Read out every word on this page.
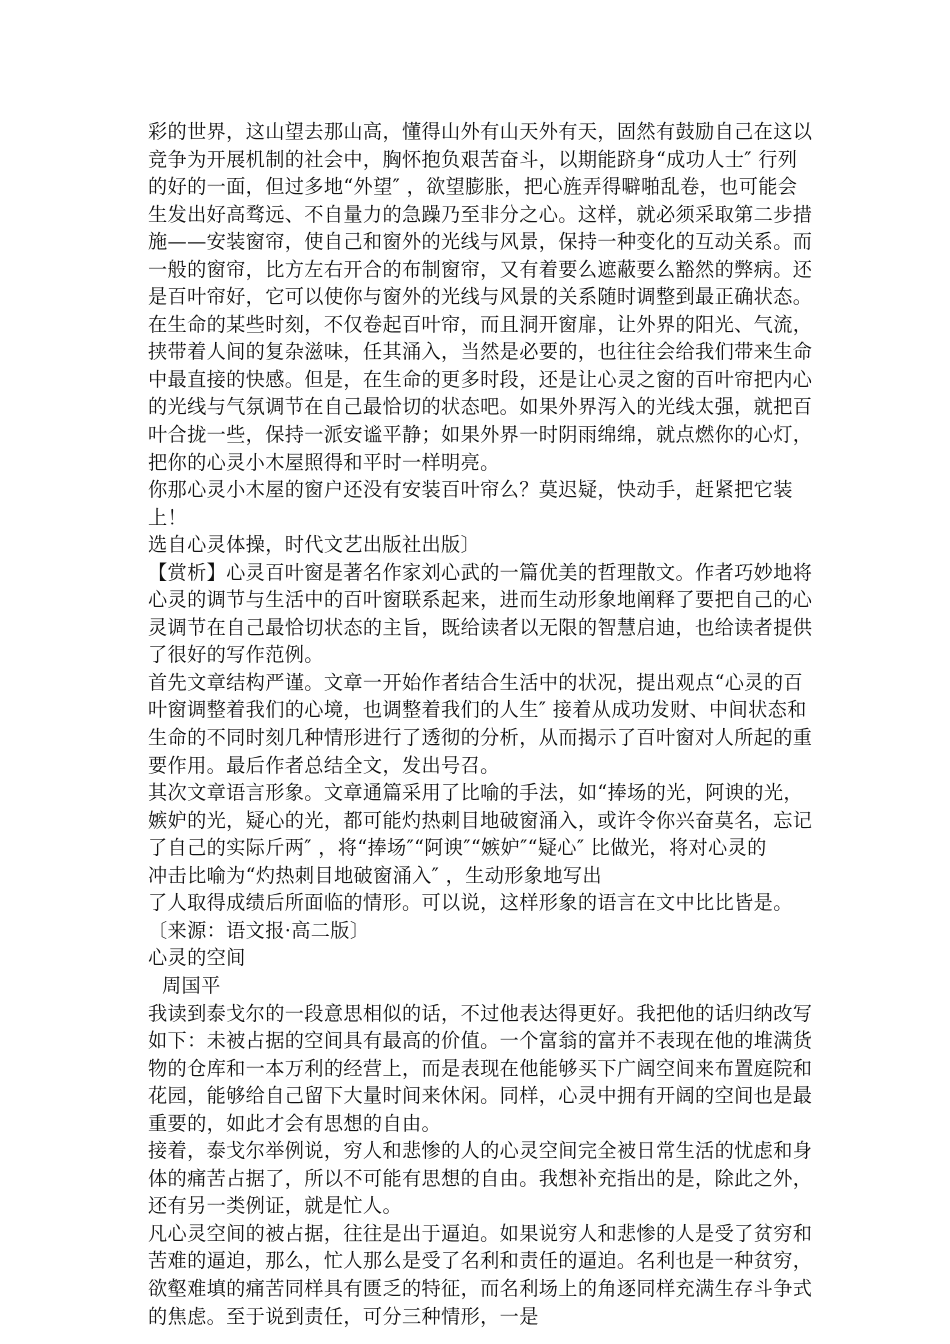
彩的世界，这山望去那山高，懂得山外有山天外有天，固然有鼓励自己在这以
竞争为开展机制的社会中，胸怀抱负艰苦奋斗，以期能跻身“成功人士″ 行列
的好的一面，但过多地“外望″ ，欲望膨胀，把心旌弄得噼啪乱卷，也可能会
生发出好高骛远、不自量力的急躁乃至非分之心。这样，就必须采取第二步措
施——安装窗帘，使自己和窗外的光线与风景，保持一种变化的互动关系。而
一般的窗帘，比方左右开合的布制窗帘，又有着要么遮蔽要么豁然的弊病。还
是百叶帘好，它可以使你与窗外的光线与风景的关系随时调整到最正确状态。
在生命的某些时刻，不仅卷起百叶帘，而且洞开窗扉，让外界的阳光、气流，
挟带着人间的复杂滋味，任其涌入，当然是必要的，也往往会给我们带来生命
中最直接的快感。但是，在生命的更多时段，还是让心灵之窗的百叶帘把内心
的光线与气氛调节在自己最恰切的状态吧。如果外界泻入的光线太强，就把百
叶合拢一些，保持一派安谧平静；如果外界一时阴雨绵绵，就点燃你的心灯，
把你的心灵小木屋照得和平时一样明亮。
你那心灵小木屋的窗户还没有安装百叶帘么？莫迟疑，快动手，赶紧把它装
上！
选自心灵体操，时代文艺出版社出版〕
【赏析】心灵百叶窗是著名作家刘心武的一篇优美的哲理散文。作者巧妙地将
心灵的调节与生活中的百叶窗联系起来，进而生动形象地阐释了要把自己的心
灵调节在自己最恰切状态的主旨，既给读者以无限的智慧启迪，也给读者提供
了很好的写作范例。
首先文章结构严谨。文章一开始作者结合生活中的状况，提出观点“心灵的百
叶窗调整着我们的心境，也调整着我们的人生″ 接着从成功发财、中间状态和
生命的不同时刻几种情形进行了透彻的分析，从而揭示了百叶窗对人所起的重
要作用。最后作者总结全文，发出号召。
其次文章语言形象。文章通篇采用了比喻的手法，如“捧场的光，阿谀的光，
嫉妒的光，疑心的光，都可能灼热刺目地破窗涌入，或许令你兴奋莫名，忘记
了自己的实际斤两″ ，将“捧场″“阿谀″“嫉妒″“疑心″ 比做光，将对心灵的
冲击比喻为“灼热刺目地破窗涌入″ ，生动形象地写出
了人取得成绩后所面临的情形。可以说，这样形象的语言在文中比比皆是。
〔来源：语文报·高二版〕
心灵的空间
周国平
我读到泰戈尔的一段意思相似的话，不过他表达得更好。我把他的话归纳改写
如下：未被占据的空间具有最高的价值。一个富翁的富并不表现在他的堆满货
物的仓库和一本万利的经营上，而是表现在他能够买下广阔空间来布置庭院和
花园，能够给自己留下大量时间来休闲。同样，心灵中拥有开阔的空间也是最
重要的，如此才会有思想的自由。
接着，泰戈尔举例说，穷人和悲惨的人的心灵空间完全被日常生活的忧虑和身
体的痛苦占据了，所以不可能有思想的自由。我想补充指出的是，除此之外，
还有另一类例证，就是忙人。
凡心灵空间的被占据，往往是出于逼迫。如果说穷人和悲惨的人是受了贫穷和
苦难的逼迫，那么，忙人那么是受了名利和责任的逼迫。名利也是一种贫穷，
欲壑难填的痛苦同样具有匮乏的特征，而名利场上的角逐同样充满生存斗争式
的焦虑。至于说到责任，可分三种情形，一是
